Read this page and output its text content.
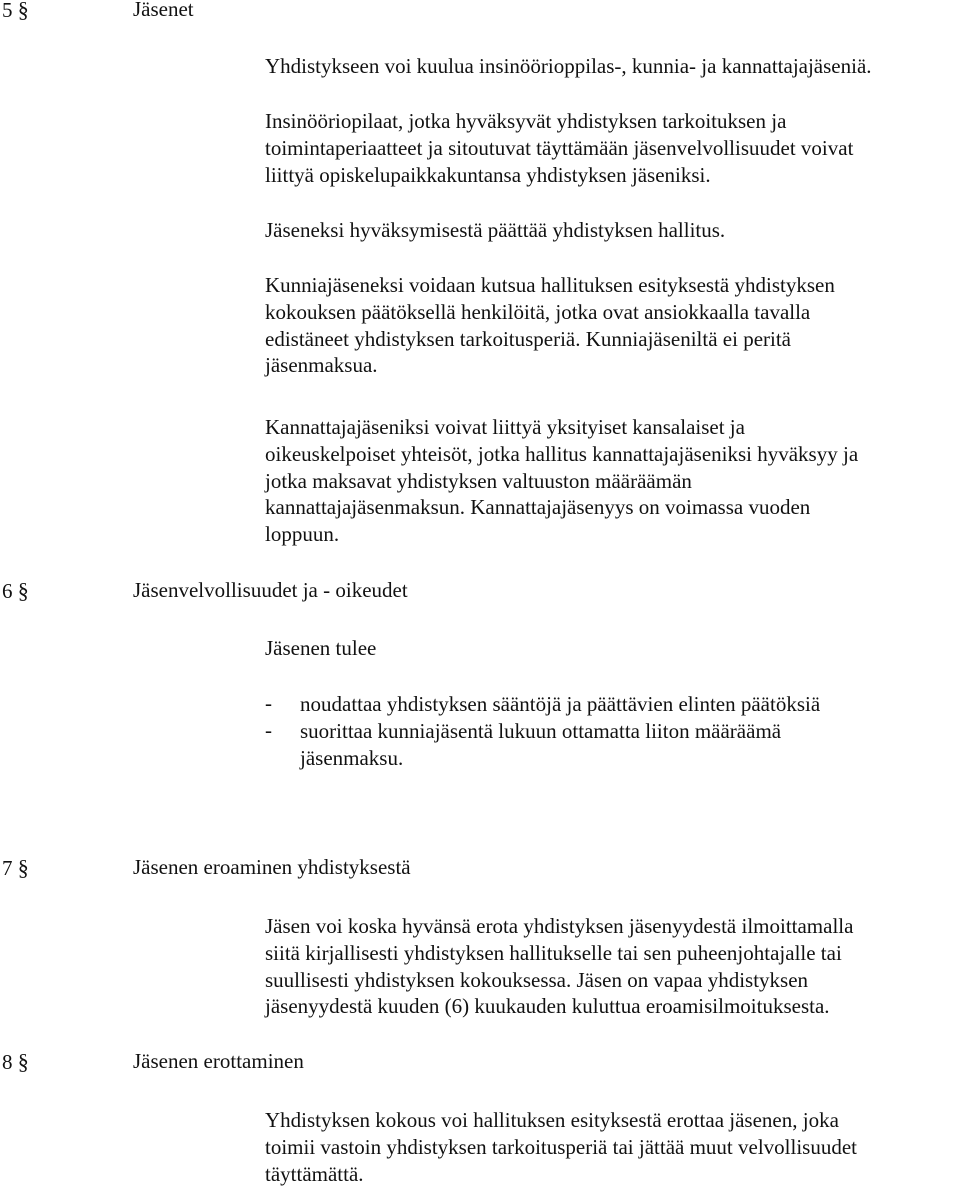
5 §	Jäsenet

Yhdistykseen voi kuulua insinöörioppilas-, kunnia- ja kannattajajäseniä.

Insinööriopilaat, jotka hyväksyvät yhdistyksen tarkoituksen ja

toimintaperiaatteet ja sitoutuvat täyttämään jäsenvelvollisuudet voivat

liittyä opiskelupaikkakuntansa yhdistyksen jäseniksi.

Jäseneksi hyväksymisestä päättää yhdistyksen hallitus.

Kunniajäseneksi voidaan kutsua hallituksen esityksestä yhdistyksen

kokouksen päätöksellä henkilöitä, jotka ovat ansiokkaalla tavalla

edistäneet yhdistyksen tarkoitusperiä. Kunniajäseniltä ei peritä

jäsenmaksua.

Kannattajajäseniksi voivat liittyä yksityiset kansalaiset ja

oikeuskelpoiset yhteisöt, jotka hallitus kannattajajäseniksi hyväksyy ja

jotka maksavat yhdistyksen valtuuston määräämän

kannattajajäsenmaksun. Kannattajajäsenyys on voimassa vuoden

loppuun.

6 §	Jäsenvelvollisuudet ja - oikeudet

Jäsenen tulee

- noudattaa yhdistyksen sääntöjä ja päättävien elinten päätöksiä

- suorittaa kunniajäsentä lukuun ottamatta liiton määräämä

jäsenmaksu.

7 §	Jäsenen eroaminen yhdistyksestä

Jäsen voi koska hyvänsä erota yhdistyksen jäsenyydestä ilmoittamalla

siitä kirjallisesti yhdistyksen hallitukselle tai sen puheenjohtajalle tai

suullisesti yhdistyksen kokouksessa. Jäsen on vapaa yhdistyksen

jäsenyydestä kuuden (6) kuukauden kuluttua eroamisilmoituksesta.

8 §	Jäsenen erottaminen

Yhdistyksen kokous voi hallituksen esityksestä erottaa jäsenen, joka

toimii vastoin yhdistyksen tarkoitusperiä tai jättää muut velvollisuudet

täyttämättä.
